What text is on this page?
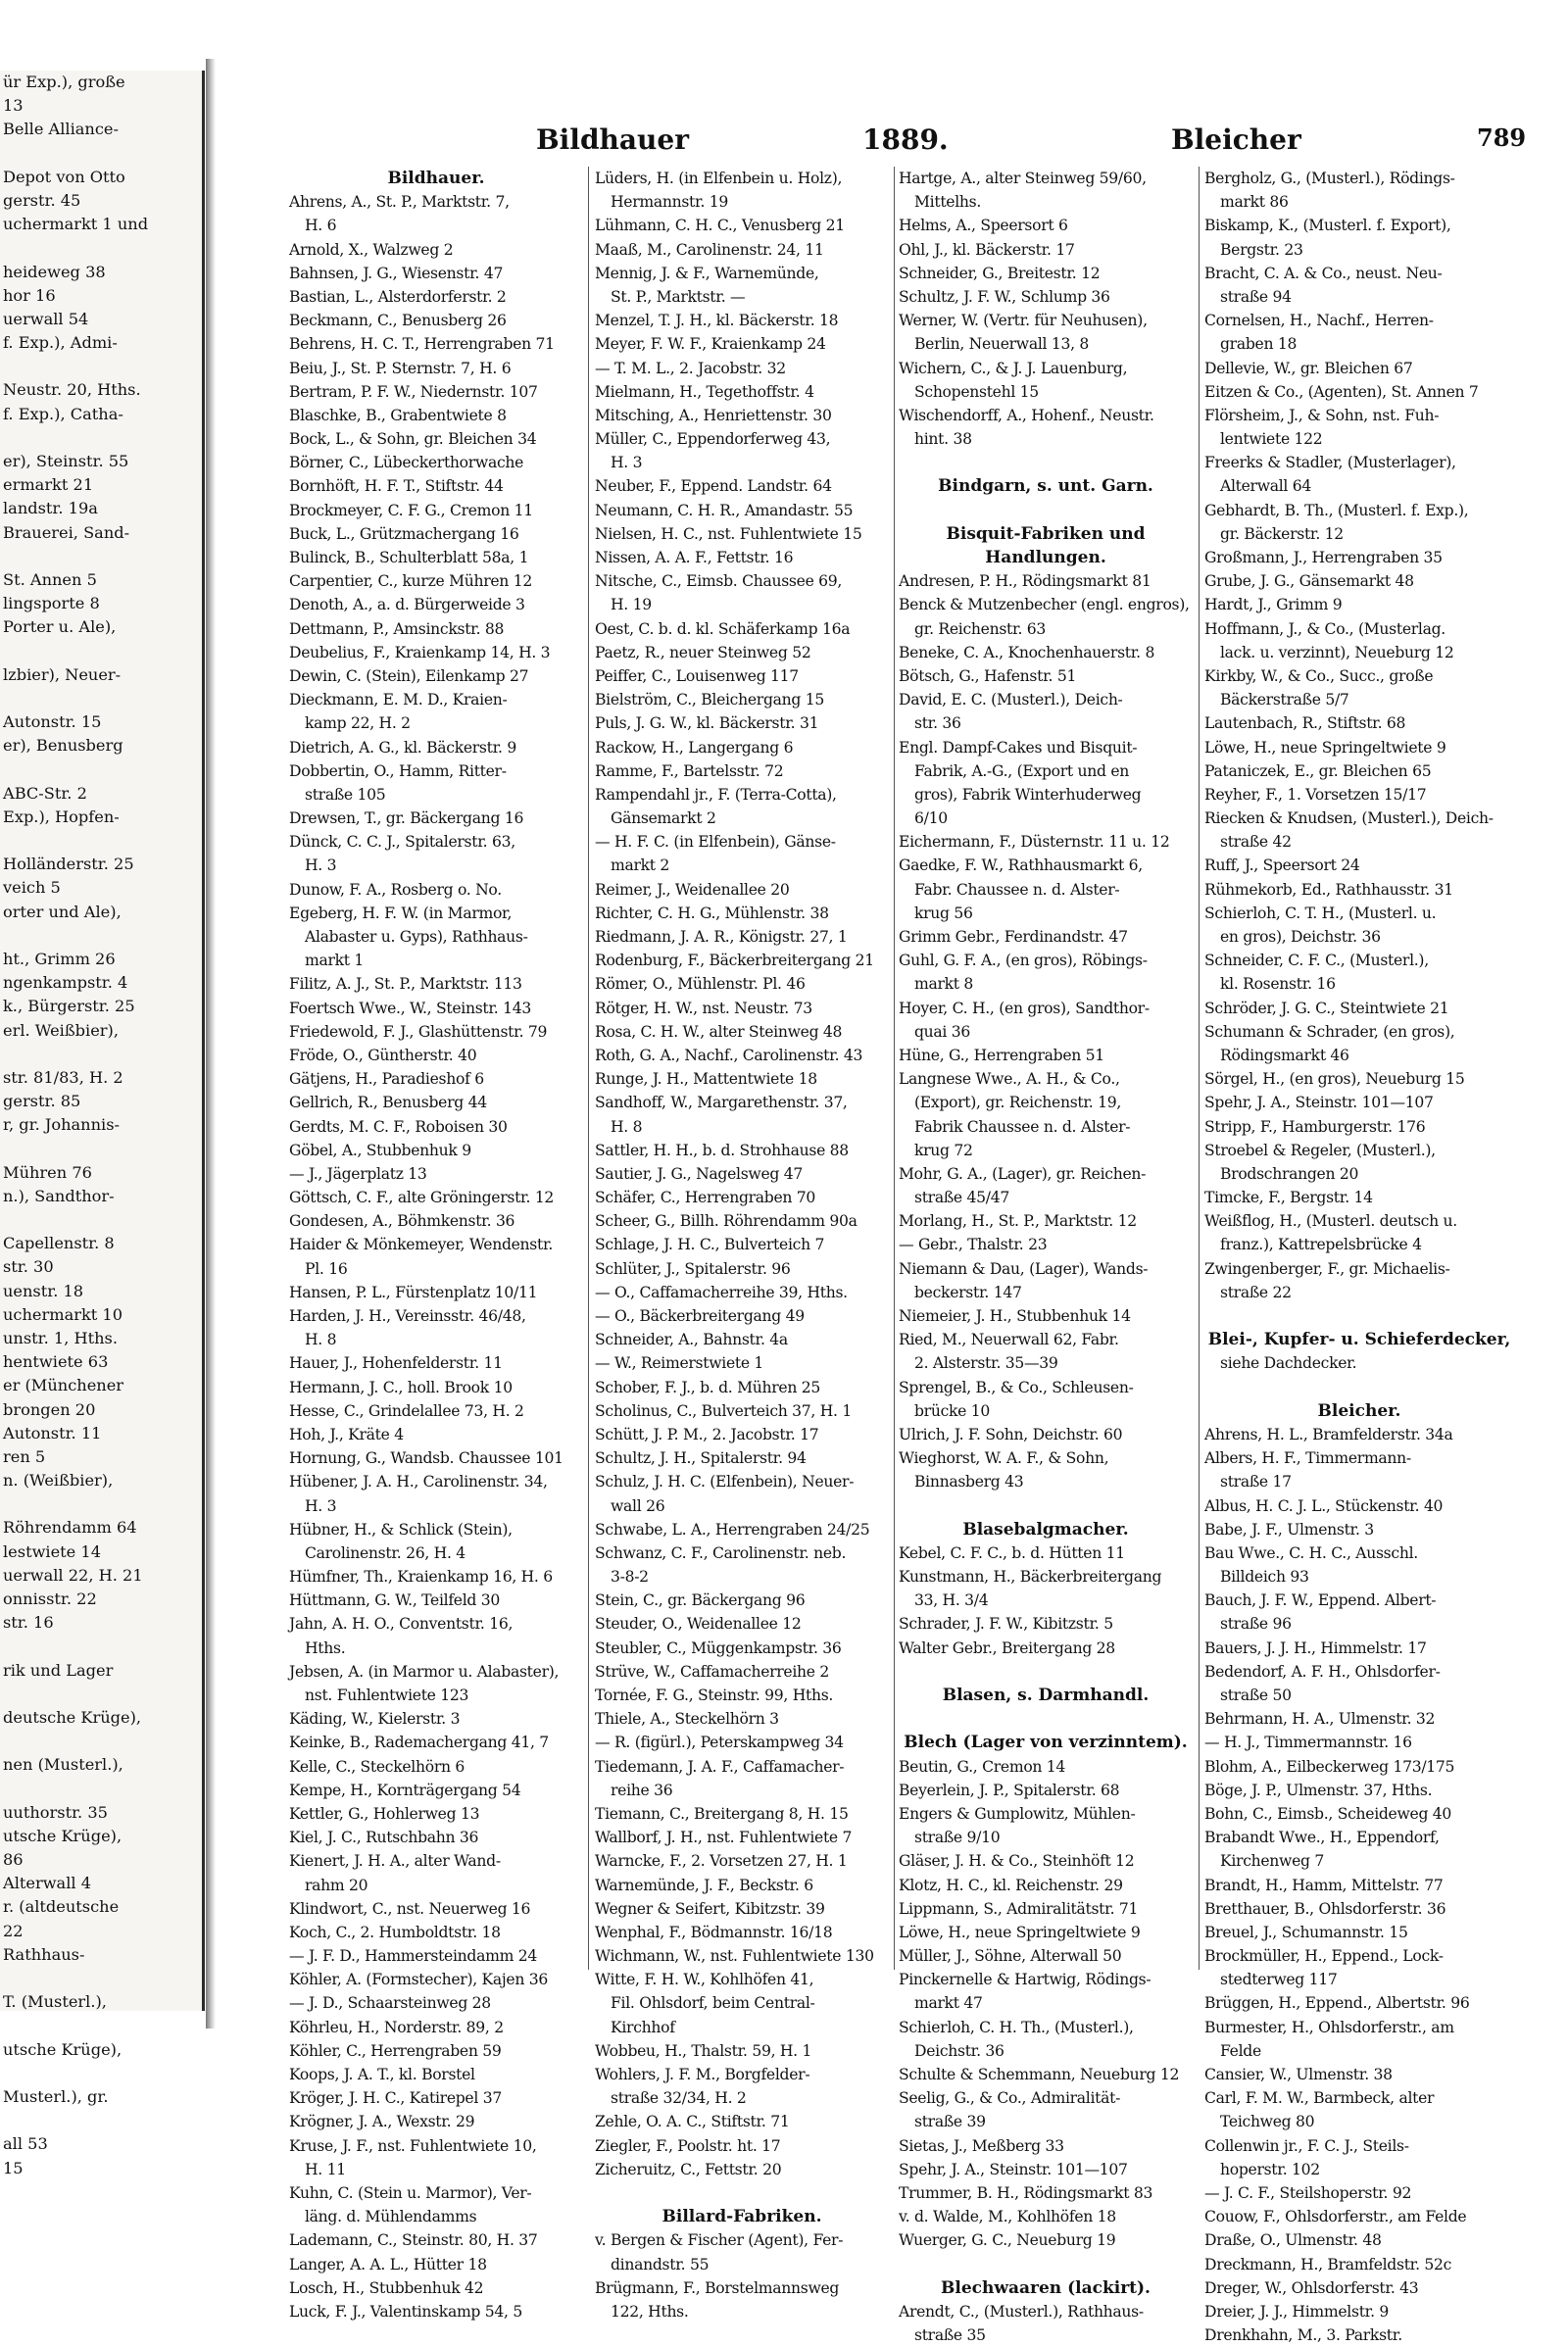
ür Exp.), große
13
Belle Alliance-
Depot von Otto
gerstr. 45
uchermarkt 1 und
heideweg 38
hor 16
uerwall 54
f. Exp.), Admi-
Neustr. 20, Hths.
f. Exp.), Catha-
er), Steinstr. 55
ermarkt 21
landstr. 19a
Brauerei, Sand-
St. Annen 5
lingsporte 8
Porter u. Ale),
lzbier), Neuer-
Autonstr. 15
er), Benusberg
ABC-Str. 2
Exp.), Hopfen-
Holländerstr. 25
veich 5
orter und Ale),
ht., Grimm 26
ngenkampstr. 4
k., Bürgerstr. 25
erl. Weißbier),
str. 81/83, H. 2
gerstr. 85
r, gr. Johannis-
Mühren 76
n.), Sandthor-
Capellenstr. 8
str. 30
uenstr. 18
uchermarkt 10
unstr. 1, Hths.
hentwiete 63
er (Münchener
brongen 20
Autonstr. 11
ren 5
n. (Weißbier),
Röhrendamm 64
lestwiete 14
uerwall 22, H. 21
onnisstr. 22
str. 16
rik und Lager
deutsche Krüge),
nen (Musterl.),
uuthorstr. 35
utsche Krüge),
86
Alterwall 4
r. (altdeutsche
22
Rathhaus-
T. (Musterl.),
utsche Krüge),
Musterl.), gr.
all 53
15
Bildhauer	1889.	Bleicher	789
Bildhauer.
Ahrens, A., St. P., Marktstr. 7,
H. 6
Arnold, X., Walzweg 2
Bahnsen, J. G., Wiesenstr. 47
Bastian, L., Alsterdorferstr. 2
Beckmann, C., Benusberg 26
Behrens, H. C. T., Herrengraben 71
Beiu, J., St. P. Sternstr. 7, H. 6
Bertram, P. F. W., Niedernstr. 107
Blaschke, B., Grabentwiete 8
Bock, L., & Sohn, gr. Bleichen 34
Börner, C., Lübeckerthorwache
Bornhöft, H. F. T., Stiftstr. 44
Brockmeyer, C. F. G., Cremon 11
Buck, L., Grützmachergang 16
Bulinck, B., Schulterblatt 58a, 1
Carpentier, C., kurze Mühren 12
Denoth, A., a. d. Bürgerweide 3
Dettmann, P., Amsinckstr. 88
Deubelius, F., Kraienkamp 14, H. 3
Dewin, C. (Stein), Eilenkamp 27
Dieckmann, E. M. D., Kraien-
kamp 22, H. 2
Dietrich, A. G., kl. Bäckerstr. 9
Dobbertin, O., Hamm, Ritter-
straße 105
Drewsen, T., gr. Bäckergang 16
Dünck, C. C. J., Spitalerstr. 63,
H. 3
Dunow, F. A., Rosberg o. No.
Egeberg, H. F. W. (in Marmor,
Alabaster u. Gyps), Rathhaus-
markt 1
Filitz, A. J., St. P., Marktstr. 113
Foertsch Wwe., W., Steinstr. 143
Friedewold, F. J., Glashüttenstr. 79
Fröde, O., Güntherstr. 40
Gätjens, H., Paradieshof 6
Gellrich, R., Benusberg 44
Gerdts, M. C. F., Roboisen 30
Göbel, A., Stubbenhuk 9
— J., Jägerplatz 13
Göttsch, C. F., alte Gröningerstr. 12
Gondesen, A., Böhmkenstr. 36
Haider & Mönkemeyer, Wendenstr.
Pl. 16
Hansen, P. L., Fürstenplatz 10/11
Harden, J. H., Vereinsstr. 46/48,
H. 8
Hauer, J., Hohenfelderstr. 11
Hermann, J. C., holl. Brook 10
Hesse, C., Grindelallee 73, H. 2
Hoh, J., Kräte 4
Hornung, G., Wandsb. Chaussee 101
Hübener, J. A. H., Carolinenstr. 34,
H. 3
Hübner, H., & Schlick (Stein),
Carolinenstr. 26, H. 4
Hümfner, Th., Kraienkamp 16, H. 6
Hüttmann, G. W., Teilfeld 30
Jahn, A. H. O., Conventstr. 16,
Hths.
Jebsen, A. (in Marmor u. Alabaster),
nst. Fuhlentwiete 123
Käding, W., Kielerstr. 3
Keinke, B., Rademachergang 41, 7
Kelle, C., Steckelhörn 6
Kempe, H., Kornträgergang 54
Kettler, G., Hohlerweg 13
Kiel, J. C., Rutschbahn 36
Kienert, J. H. A., alter Wand-
rahm 20
Klindwort, C., nst. Neuerweg 16
Koch, C., 2. Humboldtstr. 18
— J. F. D., Hammersteindamm 24
Köhler, A. (Formstecher), Kajen 36
— J. D., Schaarsteinweg 28
Köhrleu, H., Norderstr. 89, 2
Köhler, C., Herrengraben 59
Koops, J. A. T., kl. Borstel
Kröger, J. H. C., Katirepel 37
Krögner, J. A., Wexstr. 29
Kruse, J. F., nst. Fuhlentwiete 10,
H. 11
Kuhn, C. (Stein u. Marmor), Ver-
läng. d. Mühlendamms
Lademann, C., Steinstr. 80, H. 37
Langer, A. A. L., Hütter 18
Losch, H., Stubbenhuk 42
Luck, F. J., Valentinskamp 54, 5
Lüders, H. (in Elfenbein u. Holz),
Hermannstr. 19
Lühmann, C. H. C., Venusberg 21
Maaß, M., Carolinenstr. 24, 11
Mennig, J. & F., Warnemünde,
St. P., Marktstr. —
Menzel, T. J. H., kl. Bäckerstr. 18
Meyer, F. W. F., Kraienkamp 24
— T. M. L., 2. Jacobstr. 32
Mielmann, H., Tegethoffstr. 4
Mitsching, A., Henriettenstr. 30
Müller, C., Eppendorferweg 43,
H. 3
Neuber, F., Eppend. Landstr. 64
Neumann, C. H. R., Amandastr. 55
Nielsen, H. C., nst. Fuhlentwiete 15
Nissen, A. A. F., Fettstr. 16
Nitsche, C., Eimsb. Chaussee 69,
H. 19
Oest, C. b. d. kl. Schäferkamp 16a
Paetz, R., neuer Steinweg 52
Peiffer, C., Louisenweg 117
Bielström, C., Bleichergang 15
Puls, J. G. W., kl. Bäckerstr. 31
Rackow, H., Langergang 6
Ramme, F., Bartelsstr. 72
Rampendahl jr., F. (Terra-Cotta),
Gänsemarkt 2
— H. F. C. (in Elfenbein), Gänse-
markt 2
Reimer, J., Weidenallee 20
Richter, C. H. G., Mühlenstr. 38
Riedmann, J. A. R., Königstr. 27, 1
Rodenburg, F., Bäckerbreitergang 21
Römer, O., Mühlenstr. Pl. 46
Rötger, H. W., nst. Neustr. 73
Rosa, C. H. W., alter Steinweg 48
Roth, G. A., Nachf., Carolinenstr. 43
Runge, J. H., Mattentwiete 18
Sandhoff, W., Margarethenstr. 37,
H. 8
Sattler, H. H., b. d. Strohhause 88
Sautier, J. G., Nagelsweg 47
Schäfer, C., Herrengraben 70
Scheer, G., Billh. Röhrendamm 90a
Schlage, J. H. C., Bulverteich 7
Schlüter, J., Spitalerstr. 96
— O., Caffamacherreihe 39, Hths.
— O., Bäckerbreitergang 49
Schneider, A., Bahnstr. 4a
— W., Reimerstwiete 1
Schober, F. J., b. d. Mühren 25
Scholinus, C., Bulverteich 37, H. 1
Schütt, J. P. M., 2. Jacobstr. 17
Schultz, J. H., Spitalerstr. 94
Schulz, J. H. C. (Elfenbein), Neuer-
wall 26
Schwabe, L. A., Herrengraben 24/25
Schwanz, C. F., Carolinenstr. neb.
3-8-2
Stein, C., gr. Bäckergang 96
Steuder, O., Weidenallee 12
Steubler, C., Müggenkampstr. 36
Strüve, W., Caffamacherreihe 2
Tornée, F. G., Steinstr. 99, Hths.
Thiele, A., Steckelhörn 3
— R. (figürl.), Peterskampweg 34
Tiedemann, J. A. F., Caffamacher-
reihe 36
Tiemann, C., Breitergang 8, H. 15
Wallborf, J. H., nst. Fuhlentwiete 7
Warncke, F., 2. Vorsetzen 27, H. 1
Warnemünde, J. F., Beckstr. 6
Wegner & Seifert, Kibitzstr. 39
Wenphal, F., Bödmannstr. 16/18
Wichmann, W., nst. Fuhlentwiete 130
Witte, F. H. W., Kohlhöfen 41,
Fil. Ohlsdorf, beim Central-
Kirchhof
Wobbeu, H., Thalstr. 59, H. 1
Wohlers, J. F. M., Borgfelder-
straße 32/34, H. 2
Zehle, O. A. C., Stiftstr. 71
Ziegler, F., Poolstr. ht. 17
Zicheruitz, C., Fettstr. 20
Billard-Fabriken.
v. Bergen & Fischer (Agent), Fer-
dinandstr. 55
Brügmann, F., Borstelmannsweg
122, Hths.
Hartge, A., alter Steinweg 59/60,
Mittelhs.
Helms, A., Speersort 6
Ohl, J., kl. Bäckerstr. 17
Schneider, G., Breitestr. 12
Schultz, J. F. W., Schlump 36
Werner, W. (Vertr. für Neuhusen),
Berlin, Neuerwall 13, 8
Wichern, C., & J. J. Lauenburg,
Schopenstehl 15
Wischendorff, A., Hohenf., Neustr.
hint. 38
Bindgarn, s. unt. Garn.
Bisquit-Fabriken und
Handlungen.
Andresen, P. H., Rödingsmarkt 81
Benck & Mutzenbecher (engl. engros),
gr. Reichenstr. 63
Beneke, C. A., Knochenhauerstr. 8
Bötsch, G., Hafenstr. 51
David, E. C. (Musterl.), Deich-
str. 36
Engl. Dampf-Cakes und Bisquit-
Fabrik, A.-G., (Export und en
gros), Fabrik Winterhuderweg
6/10
Eichermann, F., Düsternstr. 11 u. 12
Gaedke, F. W., Rathhausmarkt 6,
Fabr. Chaussee n. d. Alster-
krug 56
Grimm Gebr., Ferdinandstr. 47
Guhl, G. F. A., (en gros), Röbings-
markt 8
Hoyer, C. H., (en gros), Sandthor-
quai 36
Hüne, G., Herrengraben 51
Langnese Wwe., A. H., & Co.,
(Export), gr. Reichenstr. 19,
Fabrik Chaussee n. d. Alster-
krug 72
Mohr, G. A., (Lager), gr. Reichen-
straße 45/47
Morlang, H., St. P., Marktstr. 12
— Gebr., Thalstr. 23
Niemann & Dau, (Lager), Wands-
beckerstr. 147
Niemeier, J. H., Stubbenhuk 14
Ried, M., Neuerwall 62, Fabr.
2. Alsterstr. 35—39
Sprengel, B., & Co., Schleusen-
brücke 10
Ulrich, J. F. Sohn, Deichstr. 60
Wieghorst, W. A. F., & Sohn,
Binnasberg 43
Blasebalgmacher.
Kebel, C. F. C., b. d. Hütten 11
Kunstmann, H., Bäckerbreitergang
33, H. 3/4
Schrader, J. F. W., Kibitzstr. 5
Walter Gebr., Breitergang 28
Blasen, s. Darmhandl.
Blech (Lager von verzinntem).
Beutin, G., Cremon 14
Beyerlein, J. P., Spitalerstr. 68
Engers & Gumplowitz, Mühlen-
straße 9/10
Gläser, J. H. & Co., Steinhöft 12
Klotz, H. C., kl. Reichenstr. 29
Lippmann, S., Admiralitätstr. 71
Löwe, H., neue Springeltwiete 9
Müller, J., Söhne, Alterwall 50
Pinckernelle & Hartwig, Rödings-
markt 47
Schierloh, C. H. Th., (Musterl.),
Deichstr. 36
Schulte & Schemmann, Neueburg 12
Seelig, G., & Co., Admiralität-
straße 39
Sietas, J., Meßberg 33
Spehr, J. A., Steinstr. 101—107
Trummer, B. H., Rödingsmarkt 83
v. d. Walde, M., Kohlhöfen 18
Wuerger, G. C., Neueburg 19
Blechwaaren (lackirt).
Arendt, C., (Musterl.), Rathhaus-
straße 35
Bergholz, G., (Musterl.), Rödings-
markt 86
Biskamp, K., (Musterl. f. Export),
Bergstr. 23
Bracht, C. A. & Co., neust. Neu-
straße 94
Cornelsen, H., Nachf., Herren-
graben 18
Dellevie, W., gr. Bleichen 67
Eitzen & Co., (Agenten), St. Annen 7
Flörsheim, J., & Sohn, nst. Fuh-
lentwiete 122
Freerks & Stadler, (Musterlager),
Alterwall 64
Gebhardt, B. Th., (Musterl. f. Exp.),
gr. Bäckerstr. 12
Großmann, J., Herrengraben 35
Grube, J. G., Gänsemarkt 48
Hardt, J., Grimm 9
Hoffmann, J., & Co., (Musterlag.
lack. u. verzinnt), Neueburg 12
Kirkby, W., & Co., Succ., große
Bäckerstraße 5/7
Lautenbach, R., Stiftstr. 68
Löwe, H., neue Springeltwiete 9
Pataniczek, E., gr. Bleichen 65
Reyher, F., 1. Vorsetzen 15/17
Riecken & Knudsen, (Musterl.), Deich-
straße 42
Ruff, J., Speersort 24
Rühmekorb, Ed., Rathhausstr. 31
Schierloh, C. T. H., (Musterl. u.
en gros), Deichstr. 36
Schneider, C. F. C., (Musterl.),
kl. Rosenstr. 16
Schröder, J. G. C., Steintwiete 21
Schumann & Schrader, (en gros),
Rödingsmarkt 46
Sörgel, H., (en gros), Neueburg 15
Spehr, J. A., Steinstr. 101—107
Stripp, F., Hamburgerstr. 176
Stroebel & Regeler, (Musterl.),
Brodschrangen 20
Timcke, F., Bergstr. 14
Weißflog, H., (Musterl. deutsch u.
franz.), Kattrepelsbrücke 4
Zwingenberger, F., gr. Michaelis-
straße 22
Blei-, Kupfer- u. Schieferdecker,
siehe Dachdecker.
Bleicher.
Ahrens, H. L., Bramfelderstr. 34a
Albers, H. F., Timmermann-
straße 17
Albus, H. C. J. L., Stückenstr. 40
Babe, J. F., Ulmenstr. 3
Bau Wwe., C. H. C., Ausschl.
Billdeich 93
Bauch, J. F. W., Eppend. Albert-
straße 96
Bauers, J. J. H., Himmelstr. 17
Bedendorf, A. F. H., Ohlsdorfer-
straße 50
Behrmann, H. A., Ulmenstr. 32
— H. J., Timmermannstr. 16
Blohm, A., Eilbeckerweg 173/175
Böge, J. P., Ulmenstr. 37, Hths.
Bohn, C., Eimsb., Scheideweg 40
Brabandt Wwe., H., Eppendorf,
Kirchenweg 7
Brandt, H., Hamm, Mittelstr. 77
Bretthauer, B., Ohlsdorferstr. 36
Breuel, J., Schumannstr. 15
Brockmüller, H., Eppend., Lock-
stedterweg 117
Brüggen, H., Eppend., Albertstr. 96
Burmester, H., Ohlsdorferstr., am
Felde
Cansier, W., Ulmenstr. 38
Carl, F. M. W., Barmbeck, alter
Teichweg 80
Collenwin jr., F. C. J., Steils-
hoperstr. 102
— J. C. F., Steilshoperstr. 92
Couow, F., Ohlsdorferstr., am Felde
Draße, O., Ulmenstr. 48
Dreckmann, H., Bramfeldstr. 52c
Dreger, W., Ohlsdorferstr. 43
Dreier, J. J., Himmelstr. 9
Drenkhahn, M., 3. Parkstr.
